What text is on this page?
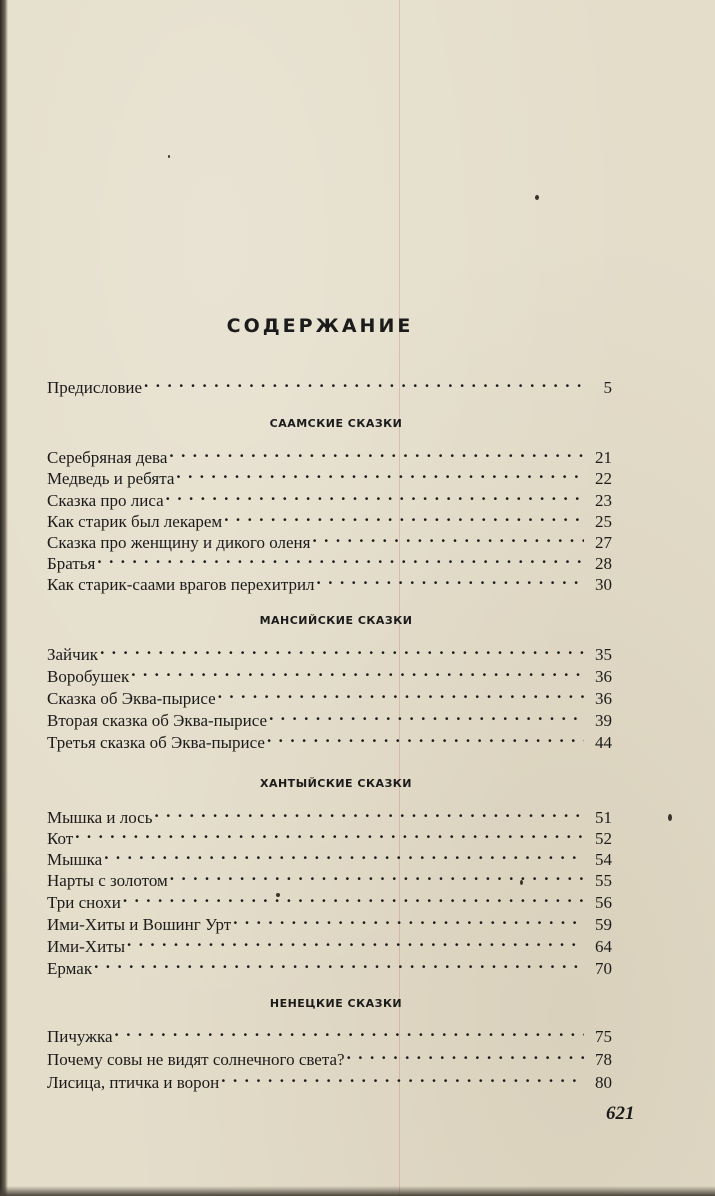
СОДЕРЖАНИЕ
Предисловие . . .	5
САAМСКИЕ СКАЗКИ
Серебряная дева . . .	21
Медведь и ребята . . .	22
Сказка про лиса . . .	23
Как старик был лекарем . . .	25
Сказка про женщину и дикого оленя . . .	27
Братья . . .	28
Как старик-саами врагов перехитрил . . .	30
МАНСИЙСКИЕ СКАЗКИ
Зайчик . . .	35
Воробушек . . .	36
Сказка об Эква-пырисе . . .	36
Вторая сказка об Эква-пырисе . . .	39
Третья сказка об Эква-пырисе . . .	44
ХАНТЫЙСКИЕ СКАЗКИ
Мышка и лось . . .	51
Кот . . .	52
Мышка . . .	54
Нарты с золотом . . .	55
Три снохи . . .	56
Ими-Хиты и Вошинг Урт . . .	59
Ими-Хиты . . .	64
Ермак . . .	70
НЕНЕЦКИЕ СКАЗКИ
Пичужка . . .	75
Почему совы не видят солнечного света? . . .	78
Лисица, птичка и ворон . . .	80
621
